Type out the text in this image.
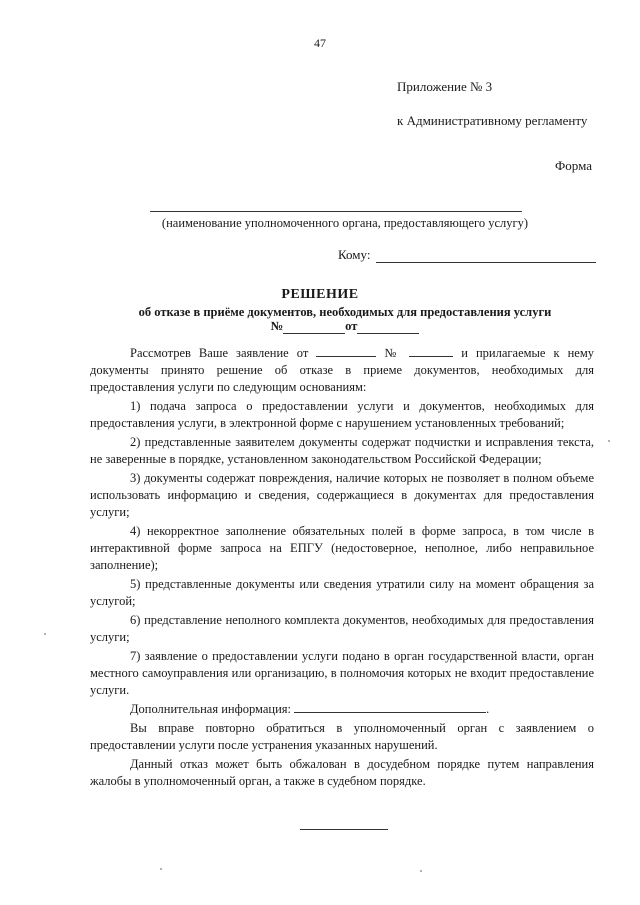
47
Приложение № 3
к Административному регламенту
Форма
(наименование уполномоченного органа, предоставляющего услугу)
Кому:
РЕШЕНИЕ
об отказе в приёме документов, необходимых для предоставления услуги
№	от

Рассмотрев Ваше заявление от	№	и прилагаемые к нему документы принято решение об отказе в приеме документов, необходимых для предоставления услуги по следующим основаниям:

1) подача запроса о предоставлении услуги и документов, необходимых для предоставления услуги, в электронной форме с нарушением установленных требований;

2) представленные заявителем документы содержат подчистки и исправления текста, не заверенные в порядке, установленном законодательством Российской Федерации;

3) документы содержат повреждения, наличие которых не позволяет в полном объеме использовать информацию и сведения, содержащиеся в документах для предоставления услуги;

4) некорректное заполнение обязательных полей в форме запроса, в том числе в интерактивной форме запроса на ЕПГУ (недостоверное, неполное, либо неправильное заполнение);

5) представленные документы или сведения утратили силу на момент обращения за услугой;

6) представление неполного комплекта документов, необходимых для предоставления услуги;

7) заявление о предоставлении услуги подано в орган государственной власти, орган местного самоуправления или организацию, в полномочия которых не входит предоставление услуги.

Дополнительная информация:	.

Вы вправе повторно обратиться в уполномоченный орган с заявлением о предоставлении услуги после устранения указанных нарушений.

Данный отказ может быть обжалован в досудебном порядке путем направления жалобы в уполномоченный орган, а также в судебном порядке.
